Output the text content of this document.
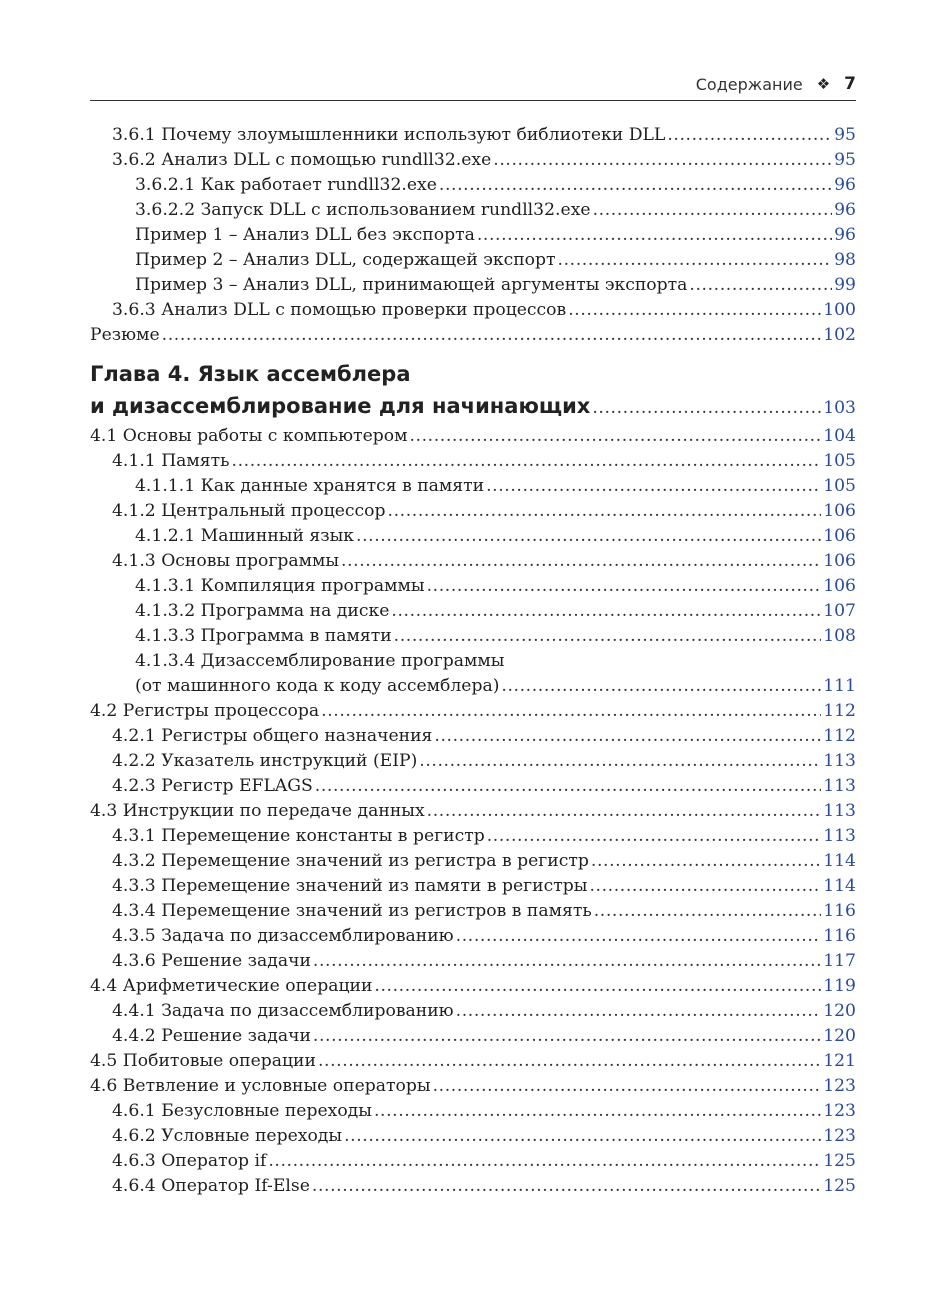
Содержание ❖ 7
3.6.1 Почему злоумышленники используют библиотеки DLL .....	95
3.6.2 Анализ DLL с помощью rundll32.exe .....	95
3.6.2.1 Как работает rundll32.exe .....	96
3.6.2.2 Запуск DLL с использованием rundll32.exe .....	96
Пример 1 – Анализ DLL без экспорта .....	96
Пример 2 – Анализ DLL, содержащей экспорт .....	98
Пример 3 – Анализ DLL, принимающей аргументы экспорта .....	99
3.6.3 Анализ DLL с помощью проверки процессов .....	100
Резюме .....	102
Глава 4. Язык ассемблера
и дизассемблирование для начинающих .....	103
4.1 Основы работы с компьютером .....	104
4.1.1 Память .....	105
4.1.1.1 Как данные хранятся в памяти .....	105
4.1.2 Центральный процессор .....	106
4.1.2.1 Машинный язык .....	106
4.1.3 Основы программы .....	106
4.1.3.1 Компиляция программы .....	106
4.1.3.2 Программа на диске .....	107
4.1.3.3 Программа в памяти .....	108
4.1.3.4 Дизассемблирование программы
(от машинного кода к коду ассемблера) .....	111
4.2 Регистры процессора .....	112
4.2.1 Регистры общего назначения .....	112
4.2.2 Указатель инструкций (EIP) .....	113
4.2.3 Регистр EFLAGS .....	113
4.3 Инструкции по передаче данных .....	113
4.3.1 Перемещение константы в регистр .....	113
4.3.2 Перемещение значений из регистра в регистр .....	114
4.3.3 Перемещение значений из памяти в регистры .....	114
4.3.4 Перемещение значений из регистров в память .....	116
4.3.5 Задача по дизассемблированию .....	116
4.3.6 Решение задачи .....	117
4.4 Арифметические операции .....	119
4.4.1 Задача по дизассемблированию .....	120
4.4.2 Решение задачи .....	120
4.5 Побитовые операции .....	121
4.6 Ветвление и условные операторы .....	123
4.6.1 Безусловные переходы .....	123
4.6.2 Условные переходы .....	123
4.6.3 Оператор if .....	125
4.6.4 Оператор If-Else .....	125
